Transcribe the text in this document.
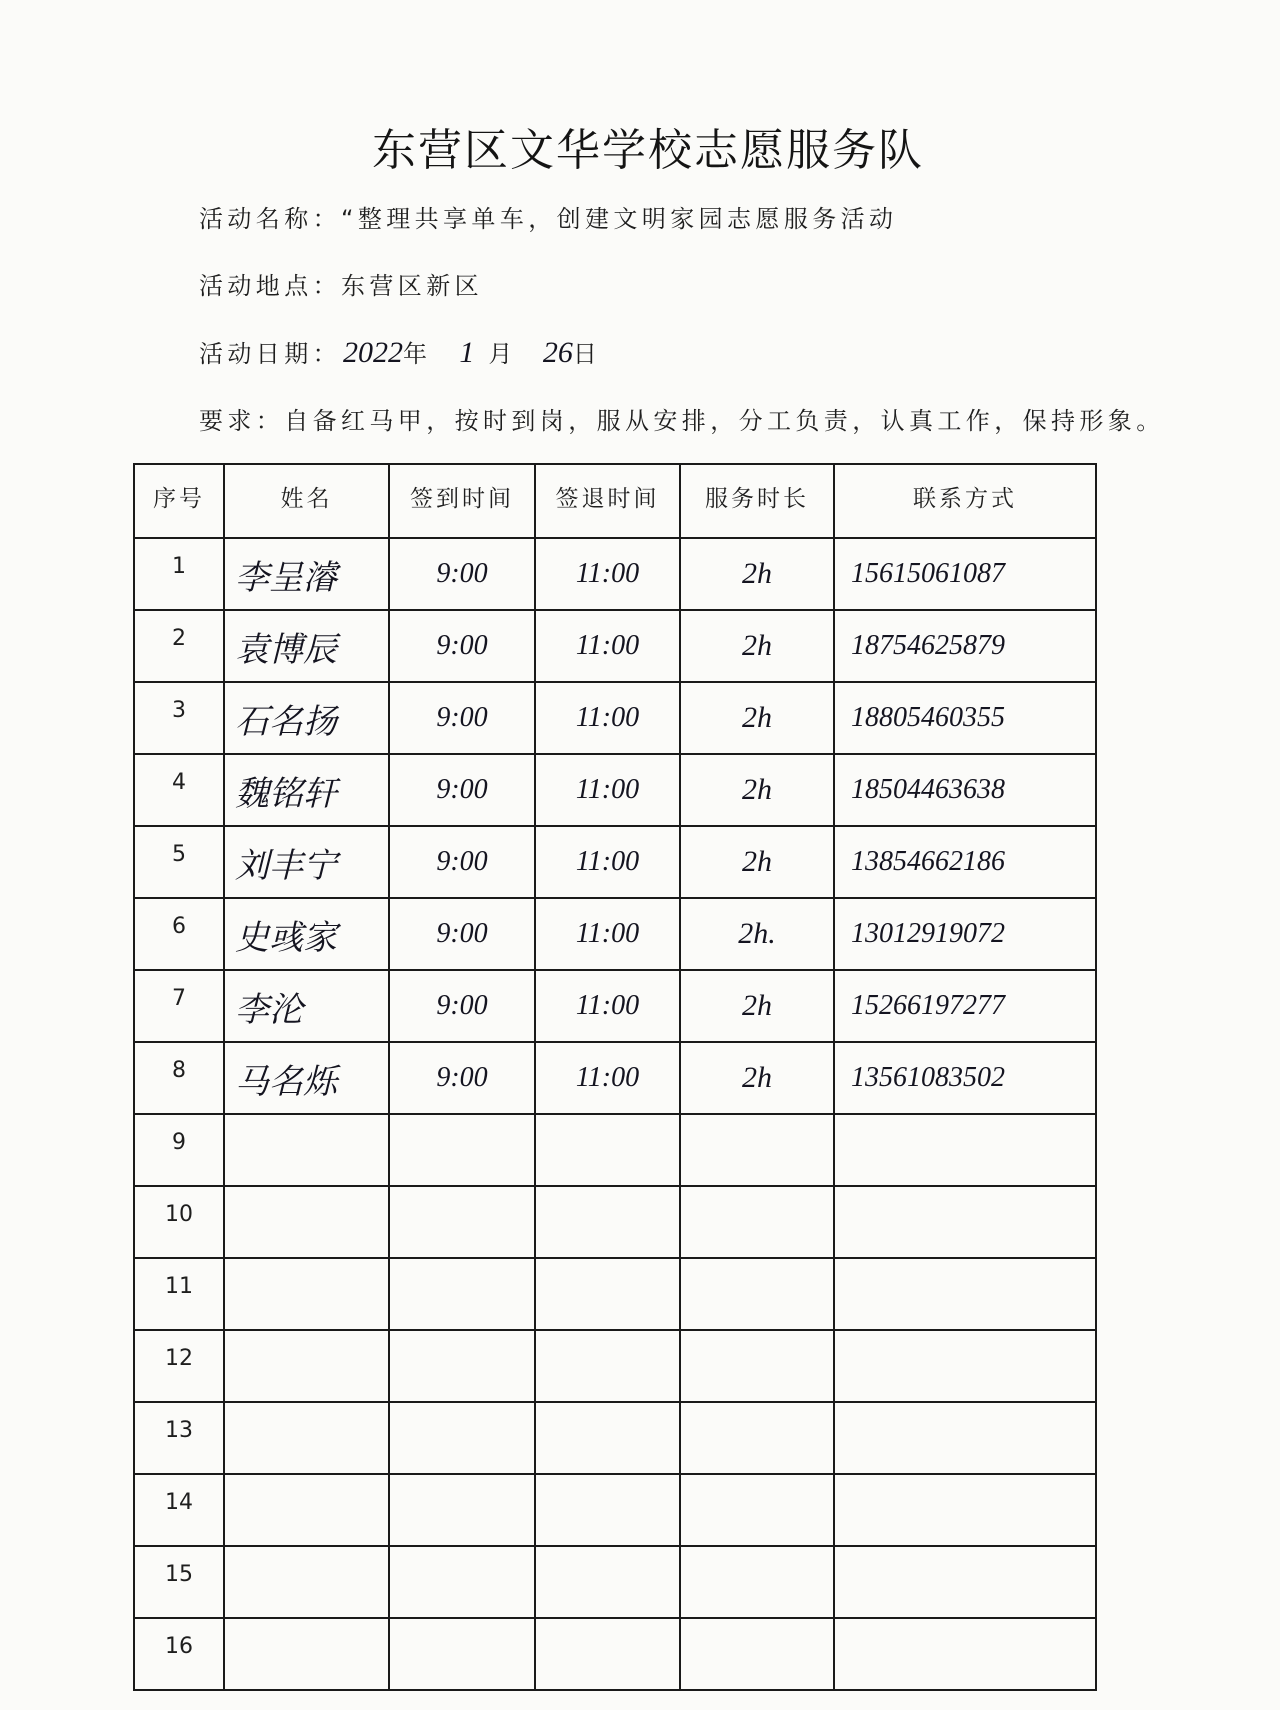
东营区文华学校志愿服务队
活动名称：“整理共享单车，创建文明家园志愿服务活动
活动地点：东营区新区
活动日期：2022年 1 月 26日
要求：自备红马甲，按时到岗，服从安排，分工负责，认真工作，保持形象。
序号	姓名	签到时间	签退时间	服务时长	联系方式
1	李呈濬	9:00	11:00	2h	15615061087
2	袁博辰	9:00	11:00	2h	18754625879
3	石名扬	9:00	11:00	2h	18805460355
4	魏铭轩	9:00	11:00	2h	18504463638
5	刘丰宁	9:00	11:00	2h	13854662186
6	史彧家	9:00	11:00	2h.	13012919072
7	李沦	9:00	11:00	2h	15266197277
8	马名烁	9:00	11:00	2h	13561083502
9					
10					
11					
12					
13					
14					
15					
16					
